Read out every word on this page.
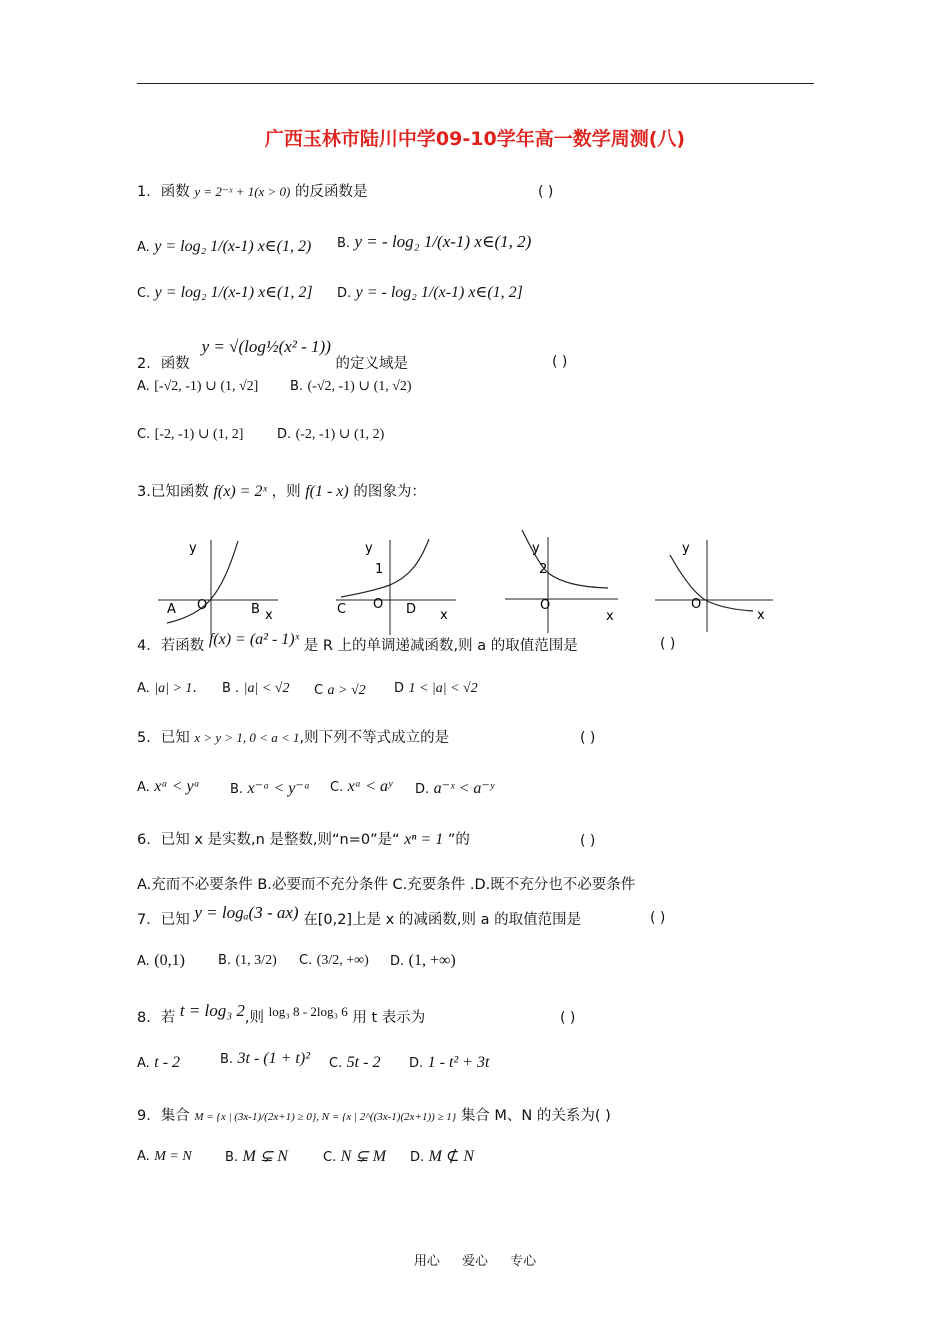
广西玉林市陆川中学09-10学年高一数学周测(八)
1．函数 y = 2⁻ˣ + 1(x > 0) 的反函数是	( )
A. y = log₂ 1/(x-1) x∈(1, 2) B. y = - log₂ 1/(x-1) x∈(1, 2)
C. y = log₂ 1/(x-1) x∈(1, 2] D. y = - log₂ 1/(x-1) x∈(1, 2]
2．函数 y = √(log½(x² - 1)) 的定义域是	( )
A. [-√2, -1) ∪ (1, √2] B. (-√2, -1) ∪ (1, √2)
C. [-2, -1) ∪ (1, 2]	D. (-2, -1) ∪ (1, 2)
3.已知函数 f(x) = 2ˣ ，则 f(1 - x) 的图象为：
y
x
O
A	B
y
x
O
1
C	D
y
x
O
2
y
x
O
4．若函数 f(x) = (a² - 1)ˣ 是 R 上的单调递减函数,则 a 的取值范围是	( )
A. |a| > 1. B . |a| < √2 C a > √2 D 1 < |a| < √2
5．已知 x > y > 1, 0 < a < 1,则下列不等式成立的是	( )
A. xᵃ < yᵃ B. x⁻ᵃ < y⁻ᵃ C. xᵃ < aʸ D. a⁻ˣ < a⁻ʸ
6．已知 x 是实数,n 是整数,则“n=0”是“ xⁿ = 1 ”的	( )
A.充而不必要条件 B.必要而不充分条件 C.充要条件 .D.既不充分也不必要条件
7．已知 y = logₐ(3 - ax) 在[0,2]上是 x 的减函数,则 a 的取值范围是	( )
A. (0,1)	B. (1, 3/2) C. (3/2, +∞) D. (1, +∞)
8．若 t = log₃ 2,则 log₃ 8 - 2log₃ 6 用 t 表示为	( )
A. t - 2	B. 3t - (1 + t)² C. 5t - 2 D. 1 - t² + 3t
9．集合 M = {x | (3x-1)/(2x+1) ≥ 0}, N = {x | 2^((3x-1)(2x+1)) ≥ 1} 集合 M、N 的关系为( )
A. M = N	B. M ⊊ N	C. N ⊊ M D. M ⊄ N
用心 爱心 专心
